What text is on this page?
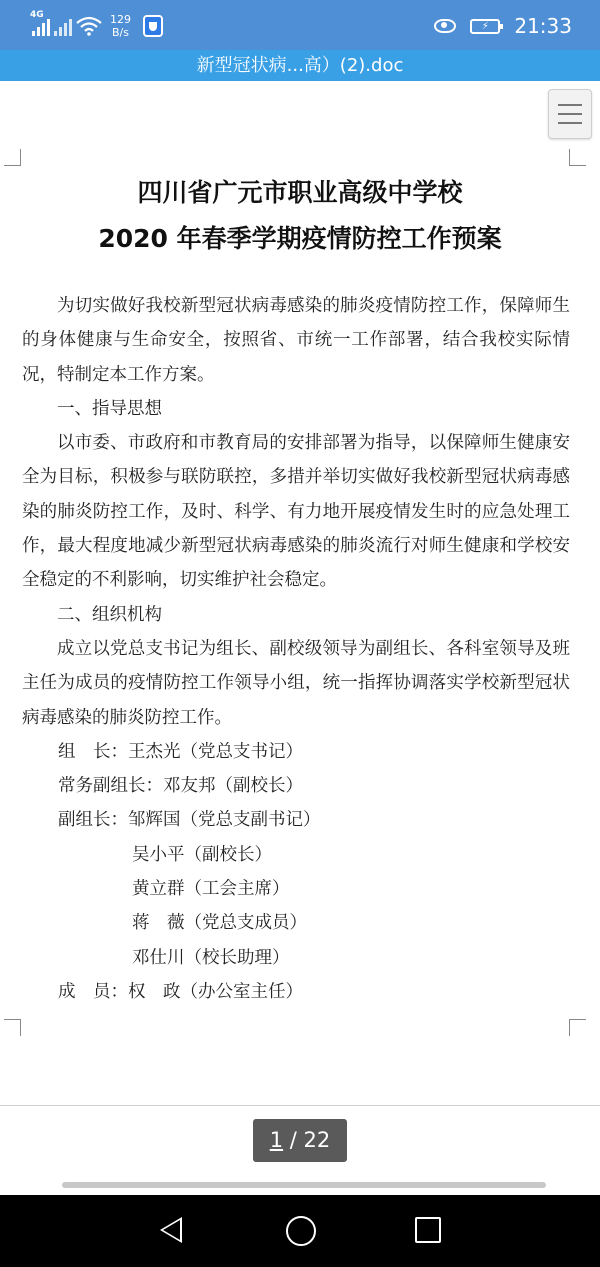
4G	129
B/s	⚡	21:33
新型冠状病...高）(2).doc
四川省广元市职业高级中学校
2020 年春季学期疫情防控工作预案

为切实做好我校新型冠状病毒感染的肺炎疫情防控工作，保障师生的身体健康与生命安全，按照省、市统一工作部署，结合我校实际情况，特制定本工作方案。

一、指导思想

以市委、市政府和市教育局的安排部署为指导，以保障师生健康安全为目标，积极参与联防联控，多措并举切实做好我校新型冠状病毒感染的肺炎防控工作，及时、科学、有力地开展疫情发生时的应急处理工作，最大程度地减少新型冠状病毒感染的肺炎流行对师生健康和学校安全稳定的不利影响，切实维护社会稳定。

二、组织机构

成立以党总支书记为组长、副校级领导为副组长、各科室领导及班主任为成员的疫情防控工作领导小组，统一指挥协调落实学校新型冠状病毒感染的肺炎防控工作。

组　长：王杰光（党总支书记）
常务副组长：邓友邦（副校长）
副组长：邹辉国（党总支副书记）
吴小平（副校长）
黄立群（工会主席）
蒋　薇（党总支成员）
邓仕川（校长助理）
成　员：权　政（办公室主任）
1 / 22
